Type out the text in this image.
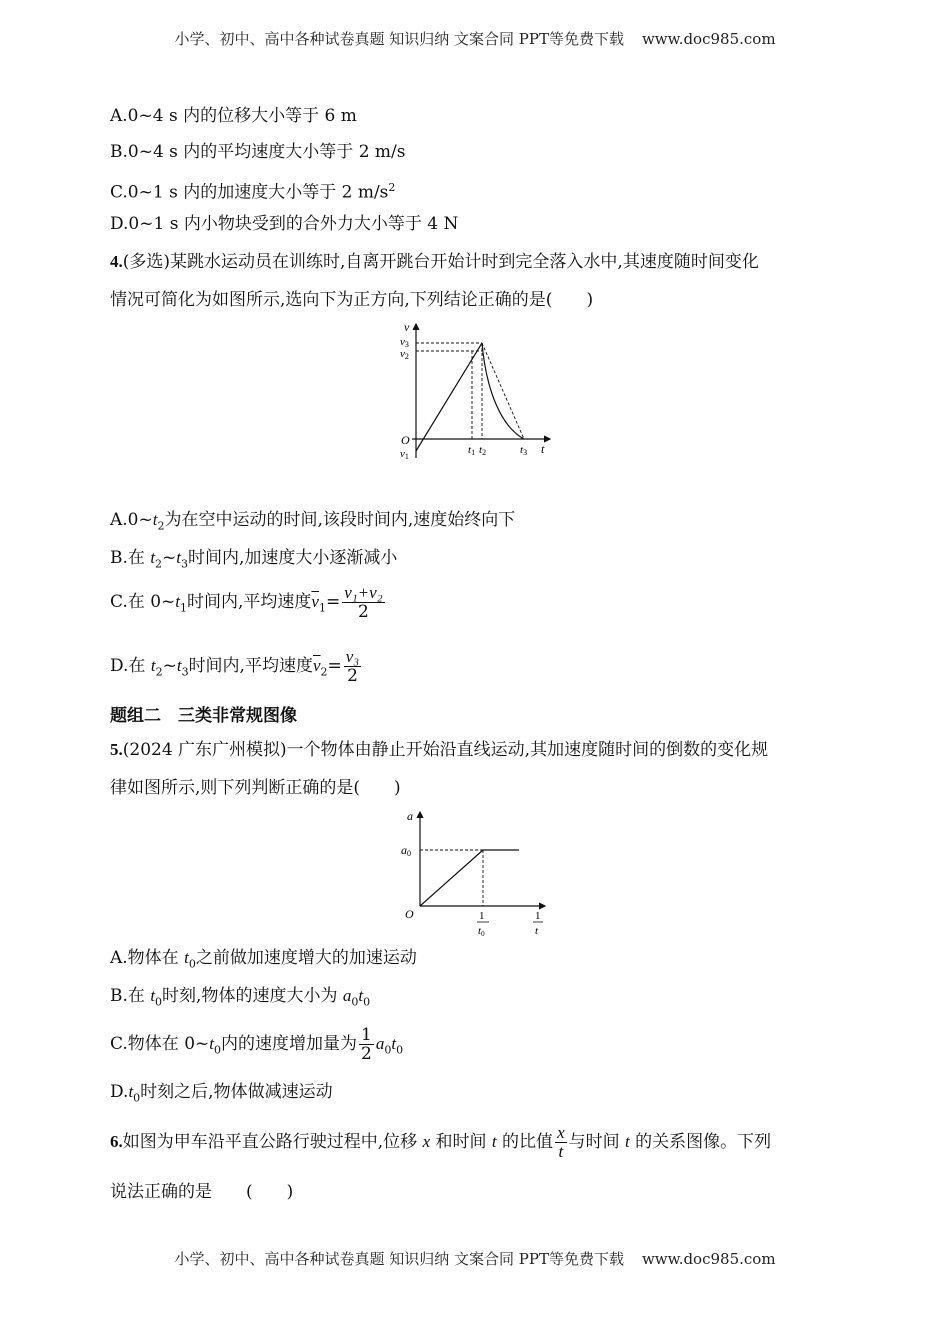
小学、初中、高中各种试卷真题 知识归纳 文案合同 PPT等免费下载 www.doc985.com
A.0~4 s 内的位移大小等于 6 m
B.0~4 s 内的平均速度大小等于 2 m/s
C.0~1 s 内的加速度大小等于 2 $m/s^2$
D.0~1 s 内小物块受到的合外力大小等于 4 N
4.(多选)某跳水运动员在训练时,自离开跳台开始计时到完全落入水中,其速度随时间变化
情况可简化为如图所示,选向下为正方向,下列结论正确的是(　　)
v
v3
v2
O
v1
t1 t2	t3 t
$A.0\sim t_2$为在空中运动的时间,该段时间内,速度始终向下
B.在 $t_2\sim t_3$时间内,加速度大小逐渐减小
C.在 $0\sim t_1$时间内,平均速度$\overline{v}_1= \frac{\text{v₁+v₂}}{2}$
D.在 $t_2\sim t_3$时间内,平均速度$\overline{v}_2= \frac{\text{v₃}}{2}$
题组二　三类非常规图像
5.(2024 广东广州模拟)一个物体由静止开始沿直线运动,其加速度随时间的倒数的变化规
律如图所示,则下列判断正确的是(　　)
a
a0
O	1
t0
1
t
A.物体在 $t_0$之前做加速度增大的加速运动
B.在 $t_0$时刻,物体的速度大小为 $a_0t_0$
C.物体在 $0\sim t_0$内的速度增加量为 $\frac{1}{2} a_0t_0$
$D.t_0$时刻之后,物体做减速运动
6.如图为甲车沿平直公路行驶过程中,位移 x 和时间 t 的比值 $\frac{x}{t}$ 与时间 t 的关系图像。下列
说法正确的是　　(　　)
小学、初中、高中各种试卷真题 知识归纳 文案合同 PPT等免费下载 www.doc985.com
